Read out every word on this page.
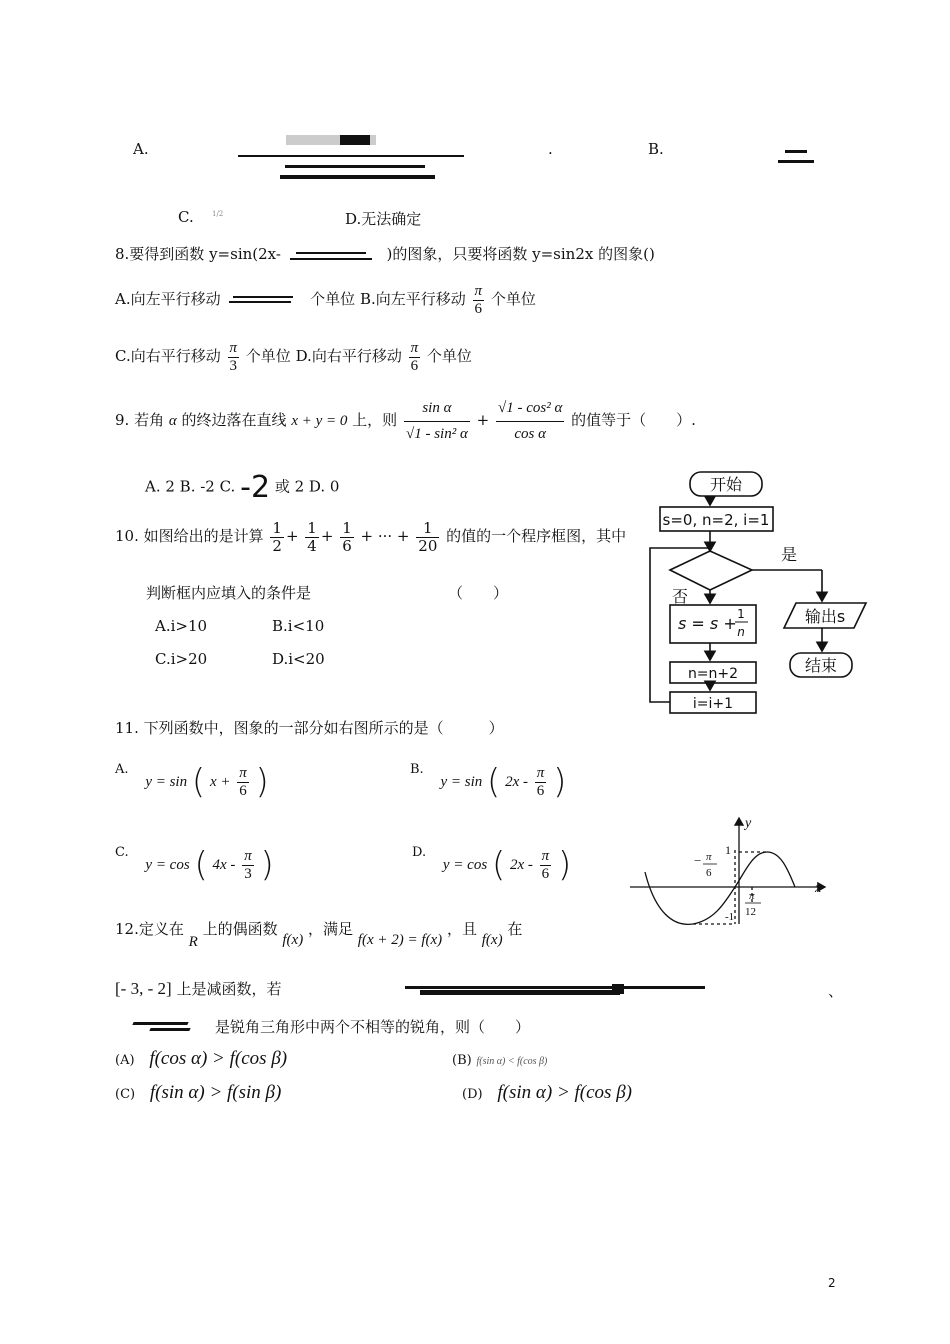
A.	.	B.
C.	1/2	D.无法确定
8.要得到函数 y=sin(2x-	)的图象，只要将函数 y=sin2x 的图象()
A.向左平行移动	个单位 B.向左平行移动 $\frac{\pi}{6}$ 个单位
C.向右平行移动 $\frac{\pi}{3}$ 个单位 D.向右平行移动 $\frac{\pi}{6}$ 个单位
9. 若角 α 的终边落在直线 x + y = 0 上，则 $\frac{\text{sin α}}{\text{√1 - sin² α}} + \frac{\text{√1 - cos² α}}{\text{cos α}}$ 的值等于（　　）.
A. 2 B. -2 C. -2 或 2 D. 0
10. 如图给出的是计算 $\frac{1}{2} + \frac{1}{4} + \frac{1}{6}$ + ··· + $\frac{1}{20}$ 的值的一个程序框图，其中
判断框内应填入的条件是	（　　）
A.i>10	B.i<10
C.i>20	D.i<20
开始
s=0, n=2, i=1
是
否
s = s + 1
n
输出s
结束
n=n+2
i=i+1
11. 下列函数中，图象的一部分如右图所示的是（　　　）
A. y = sin ( $x + \frac{\pi}{6}$ )	B. y = sin ( $2x - \frac{\pi}{6}$ )
C. y = cos ( $4x - \frac{\pi}{3}$ )	D. y = cos ( $2x - \frac{\pi}{6}$ )
y
x
1
-1
− π
6
π
12
12.定义在 R 上的偶函数 f(x) ，满足 f(x + 2) = f(x) ，且 f(x) 在
[- 3, - 2] 上是减函数，若	、
是锐角三角形中两个不相等的锐角，则（　　）
(A) f(cos α) > f(cos β)	(B) f(sin α) < f(cos β)
(C) f(sin α) > f(sin β)	(D) f(sin α) > f(cos β)
2
